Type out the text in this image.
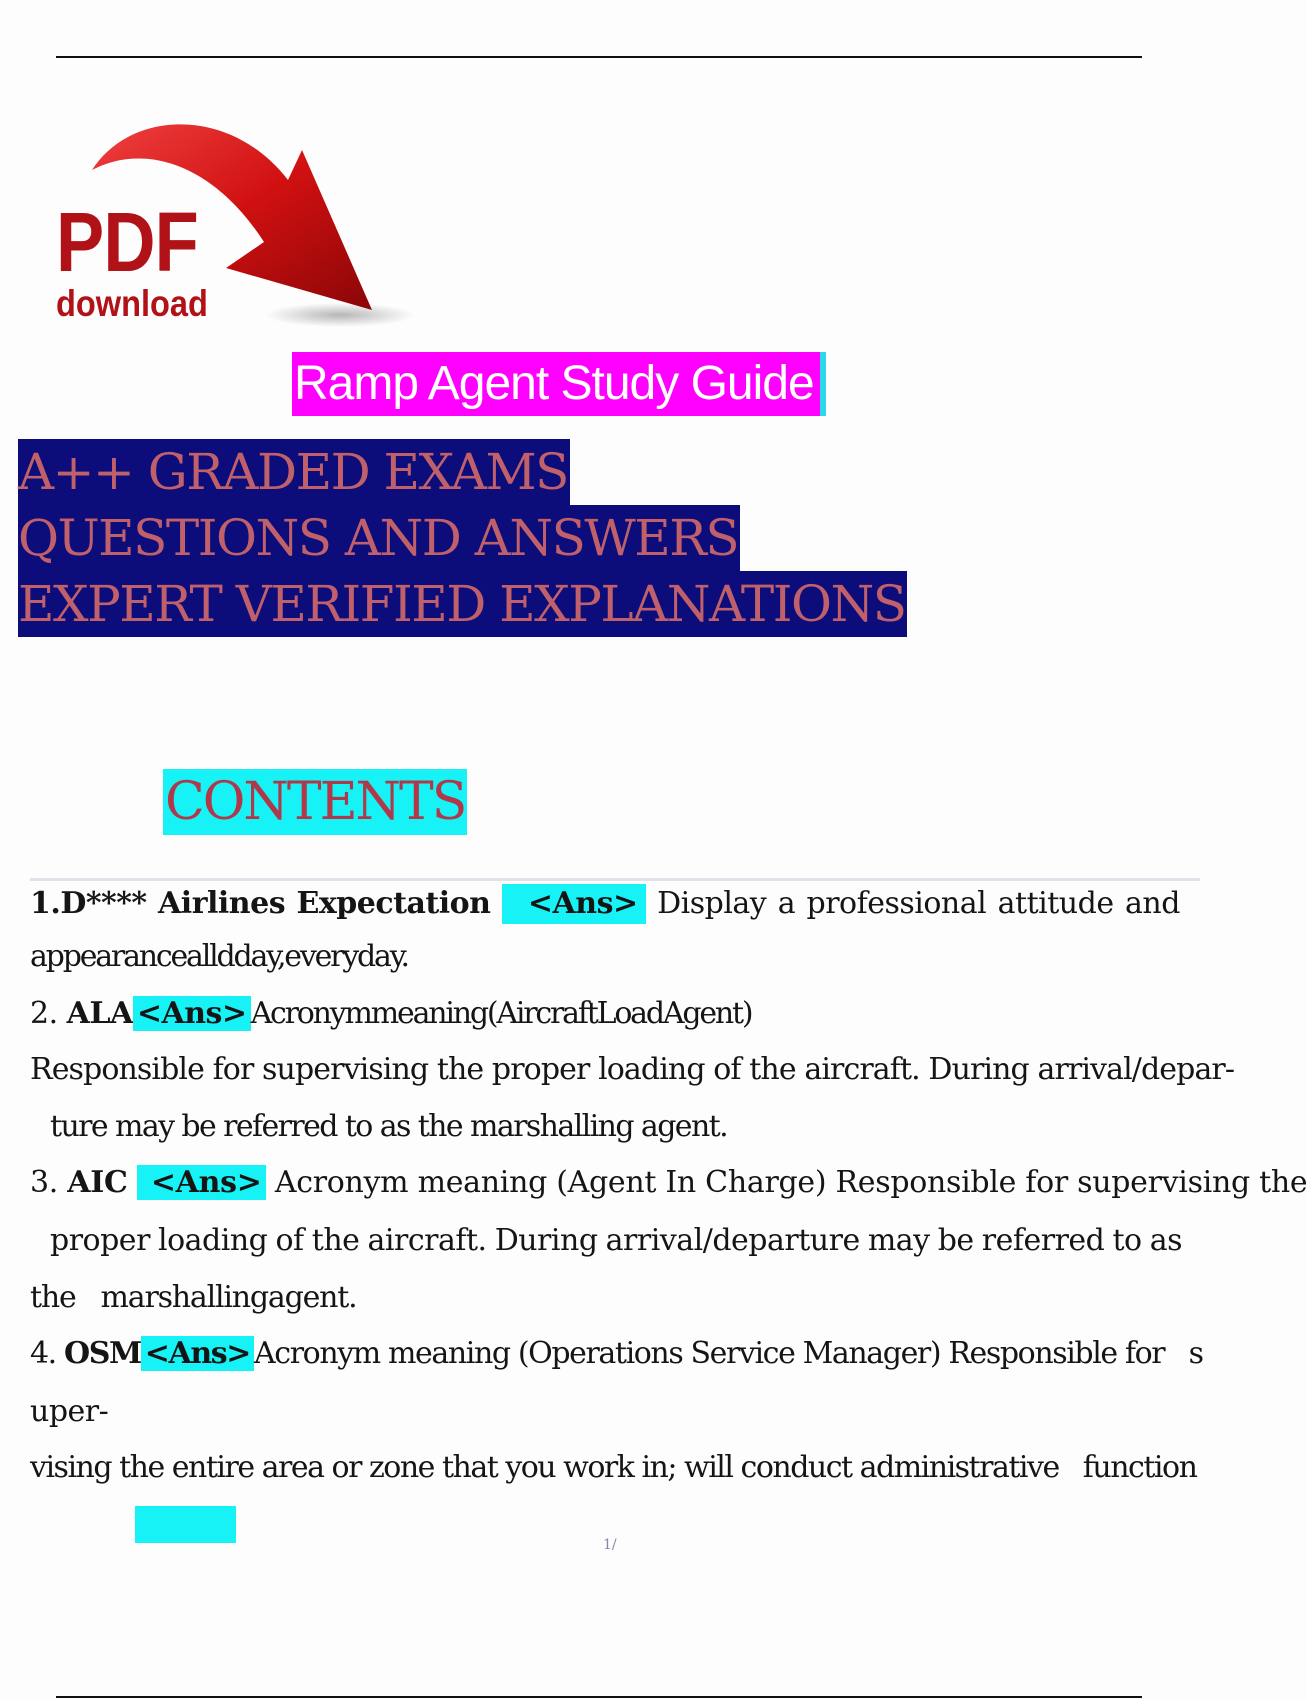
PDF
download
Ramp Agent Study Guide
A++ GRADED EXAMS
QUESTIONS AND ANSWERS
EXPERT VERIFIED EXPLANATIONS
CONTENTS
1.D**** Airlines Expectation	<Ans> Display a professional attitude and
appearancealldday,everyday.
2. ALA <Ans> Acronymmeaning(AircraftLoadAgent)
Responsible for supervising the proper loading of the aircraft. During arrival/depar-
ture may be referred to as the marshalling agent.
3. AIC <Ans> Acronym meaning (Agent In Charge) Responsible for supervising the
proper loading of the aircraft. During arrival/departure may be referred to as
the   marshallingagent.
4. OSM <Ans> Acronym meaning (Operations Service Manager) Responsible for   s
uper-
vising the entire area or zone that you work in; will conduct administrative   function
1/
